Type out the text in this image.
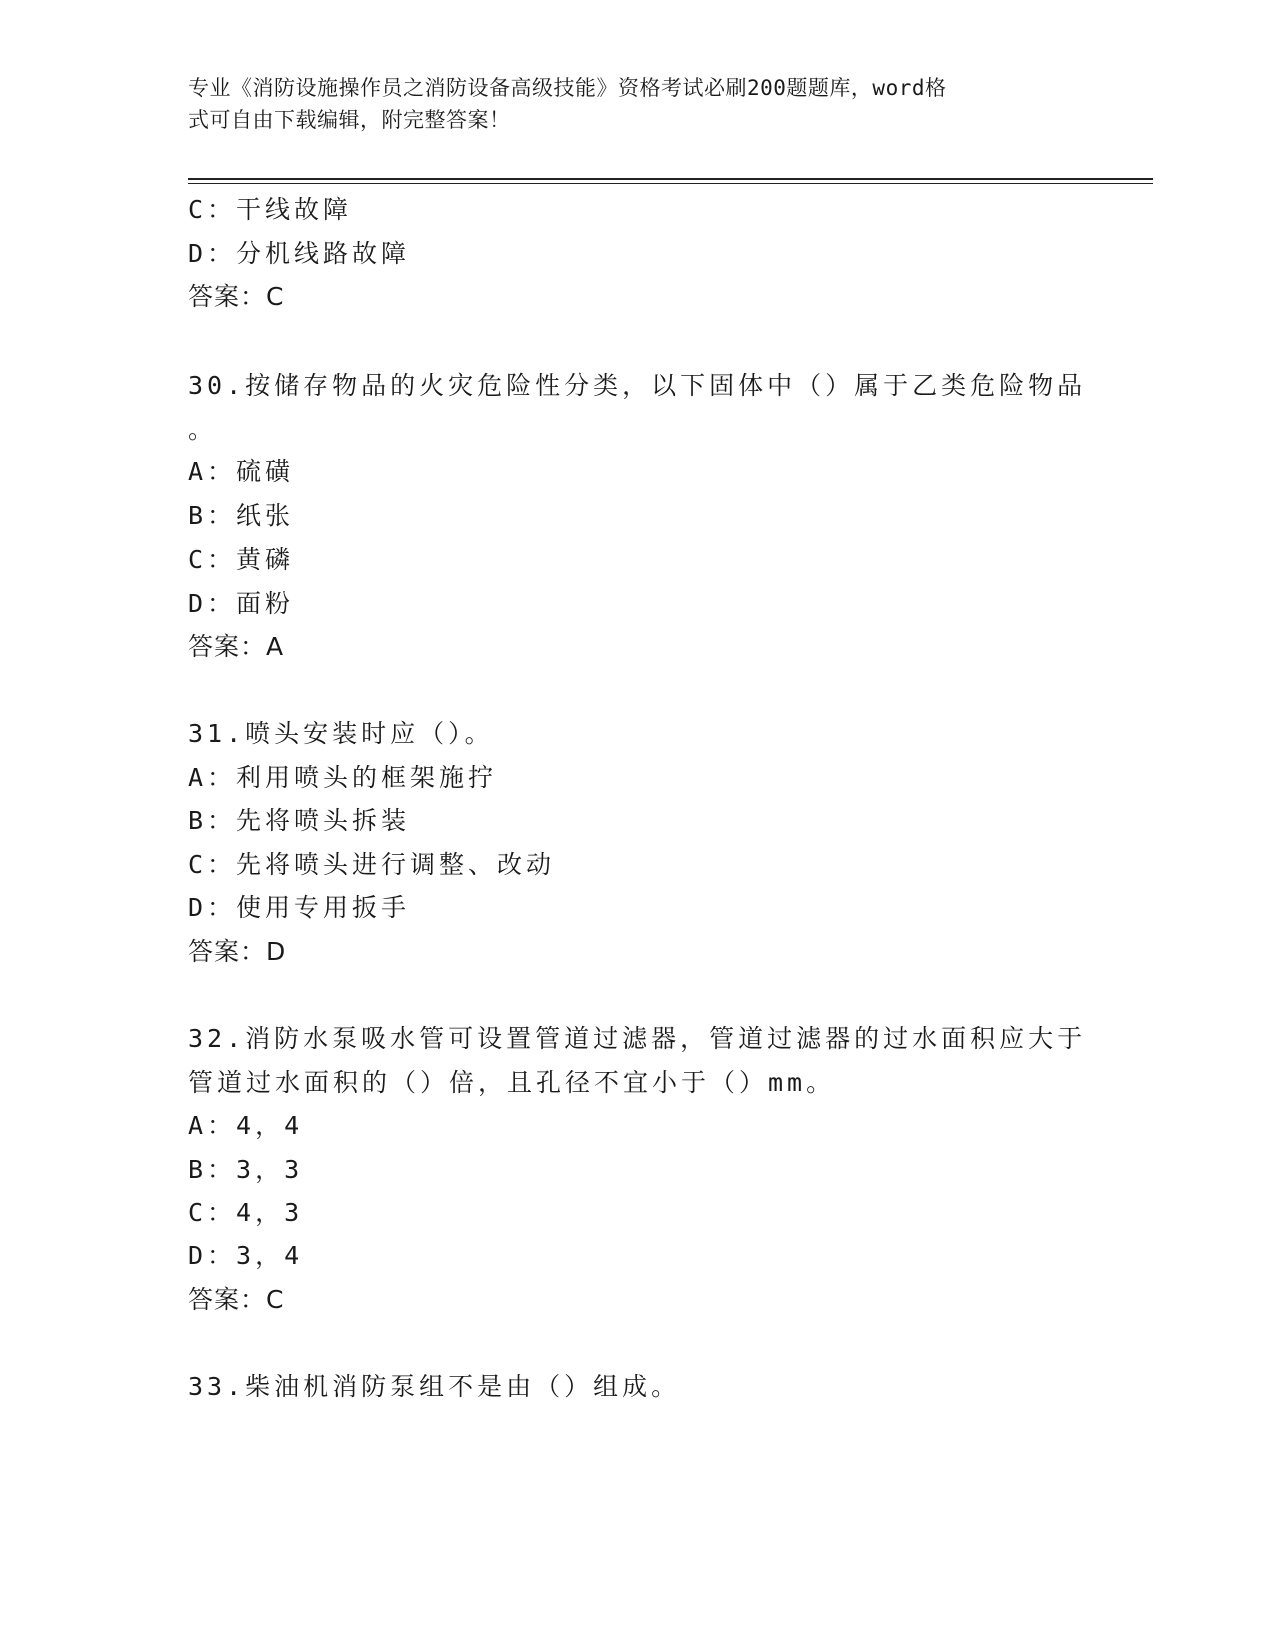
专业《消防设施操作员之消防设备高级技能》资格考试必刷200题题库，word格
式可自由下载编辑，附完整答案！
C：干线故障
D：分机线路故障
答案：C
30.按储存物品的火灾危险性分类，以下固体中（）属于乙类危险物品
。
A：硫磺
B：纸张
C：黄磷
D：面粉
答案：A
31.喷头安装时应（）。
A：利用喷头的框架施拧
B：先将喷头拆装
C：先将喷头进行调整、改动
D：使用专用扳手
答案：D
32.消防水泵吸水管可设置管道过滤器，管道过滤器的过水面积应大于
管道过水面积的（）倍，且孔径不宜小于（）mm。
A：4，4
B：3，3
C：4，3
D：3，4
答案：C
33.柴油机消防泵组不是由（）组成。
